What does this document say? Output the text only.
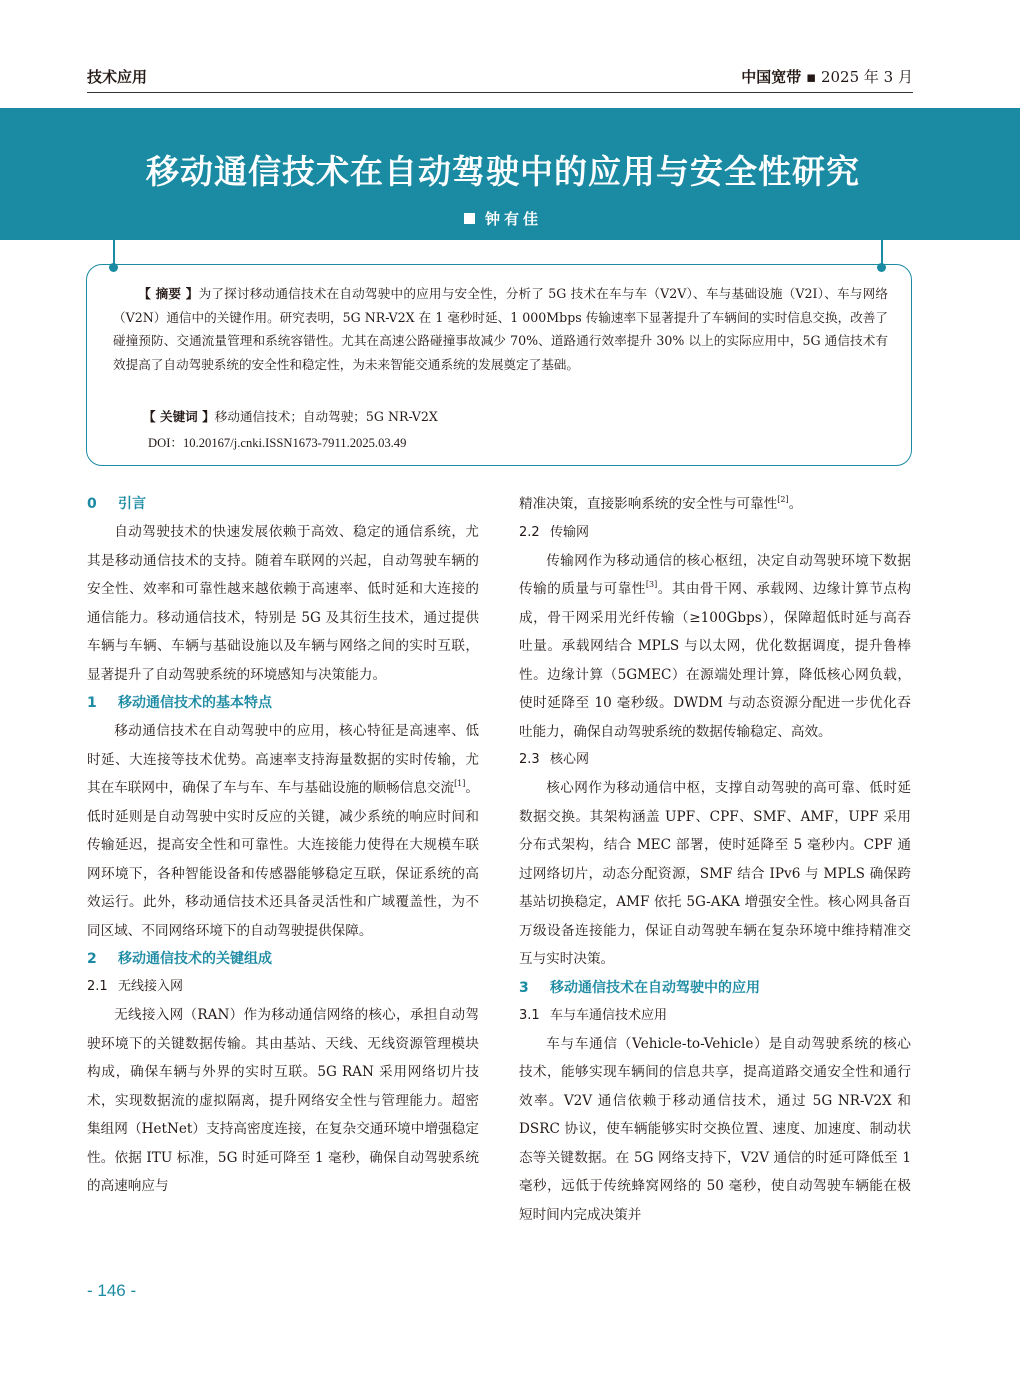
技术应用	中国宽带 ▪ 2025 年 3 月
移动通信技术在自动驾驶中的应用与安全性研究
钟有佳

【 摘要 】为了探讨移动通信技术在自动驾驶中的应用与安全性，分析了 5G 技术在车与车（V2V）、车与基础设施（V2I）、车与网络（V2N）通信中的关键作用。研究表明，5G NR-V2X 在 1 毫秒时延、1 000Mbps 传输速率下显著提升了车辆间的实时信息交换，改善了碰撞预防、交通流量管理和系统容错性。尤其在高速公路碰撞事故减少 70%、道路通行效率提升 30% 以上的实际应用中，5G 通信技术有效提高了自动驾驶系统的安全性和稳定性，为未来智能交通系统的发展奠定了基础。

【 关键词 】移动通信技术；自动驾驶；5G NR-V2X
DOI：10.20167/j.cnki.ISSN1673-7911.2025.03.49
0 引言

自动驾驶技术的快速发展依赖于高效、稳定的通信系统，尤其是移动通信技术的支持。随着车联网的兴起，自动驾驶车辆的安全性、效率和可靠性越来越依赖于高速率、低时延和大连接的通信能力。移动通信技术，特别是 5G 及其衍生技术，通过提供车辆与车辆、车辆与基础设施以及车辆与网络之间的实时互联，显著提升了自动驾驶系统的环境感知与决策能力。

1 移动通信技术的基本特点

移动通信技术在自动驾驶中的应用，核心特征是高速率、低时延、大连接等技术优势。高速率支持海量数据的实时传输，尤其在车联网中，确保了车与车、车与基础设施的顺畅信息交流[1]。低时延则是自动驾驶中实时反应的关键，减少系统的响应时间和传输延迟，提高安全性和可靠性。大连接能力使得在大规模车联网环境下，各种智能设备和传感器能够稳定互联，保证系统的高效运行。此外，移动通信技术还具备灵活性和广域覆盖性，为不同区域、不同网络环境下的自动驾驶提供保障。

2 移动通信技术的关键组成
2.1 无线接入网

无线接入网（RAN）作为移动通信网络的核心，承担自动驾驶环境下的关键数据传输。其由基站、天线、无线资源管理模块构成，确保车辆与外界的实时互联。5G RAN 采用网络切片技术，实现数据流的虚拟隔离，提升网络安全性与管理能力。超密集组网（HetNet）支持高密度连接，在复杂交通环境中增强稳定性。依据 ITU 标准，5G 时延可降至 1 毫秒，确保自动驾驶系统的高速响应与

精准决策，直接影响系统的安全性与可靠性[2]。

2.2 传输网

传输网作为移动通信的核心枢纽，决定自动驾驶环境下数据传输的质量与可靠性[3]。其由骨干网、承载网、边缘计算节点构成，骨干网采用光纤传输（≥100Gbps），保障超低时延与高吞吐量。承载网结合 MPLS 与以太网，优化数据调度，提升鲁棒性。边缘计算（5GMEC）在源端处理计算，降低核心网负载，使时延降至 10 毫秒级。DWDM 与动态资源分配进一步优化吞吐能力，确保自动驾驶系统的数据传输稳定、高效。

2.3 核心网

核心网作为移动通信中枢，支撑自动驾驶的高可靠、低时延数据交换。其架构涵盖 UPF、CPF、SMF、AMF，UPF 采用分布式架构，结合 MEC 部署，使时延降至 5 毫秒内。CPF 通过网络切片，动态分配资源，SMF 结合 IPv6 与 MPLS 确保跨基站切换稳定，AMF 依托 5G-AKA 增强安全性。核心网具备百万级设备连接能力，保证自动驾驶车辆在复杂环境中维持精准交互与实时决策。

3 移动通信技术在自动驾驶中的应用
3.1 车与车通信技术应用

车与车通信（Vehicle-to-Vehicle）是自动驾驶系统的核心技术，能够实现车辆间的信息共享，提高道路交通安全性和通行效率。V2V 通信依赖于移动通信技术，通过 5G NR-V2X 和 DSRC 协议，使车辆能够实时交换位置、速度、加速度、制动状态等关键数据。在 5G 网络支持下，V2V 通信的时延可降低至 1 毫秒，远低于传统蜂窝网络的 50 毫秒，使自动驾驶车辆能在极短时间内完成决策并

- 146 -
